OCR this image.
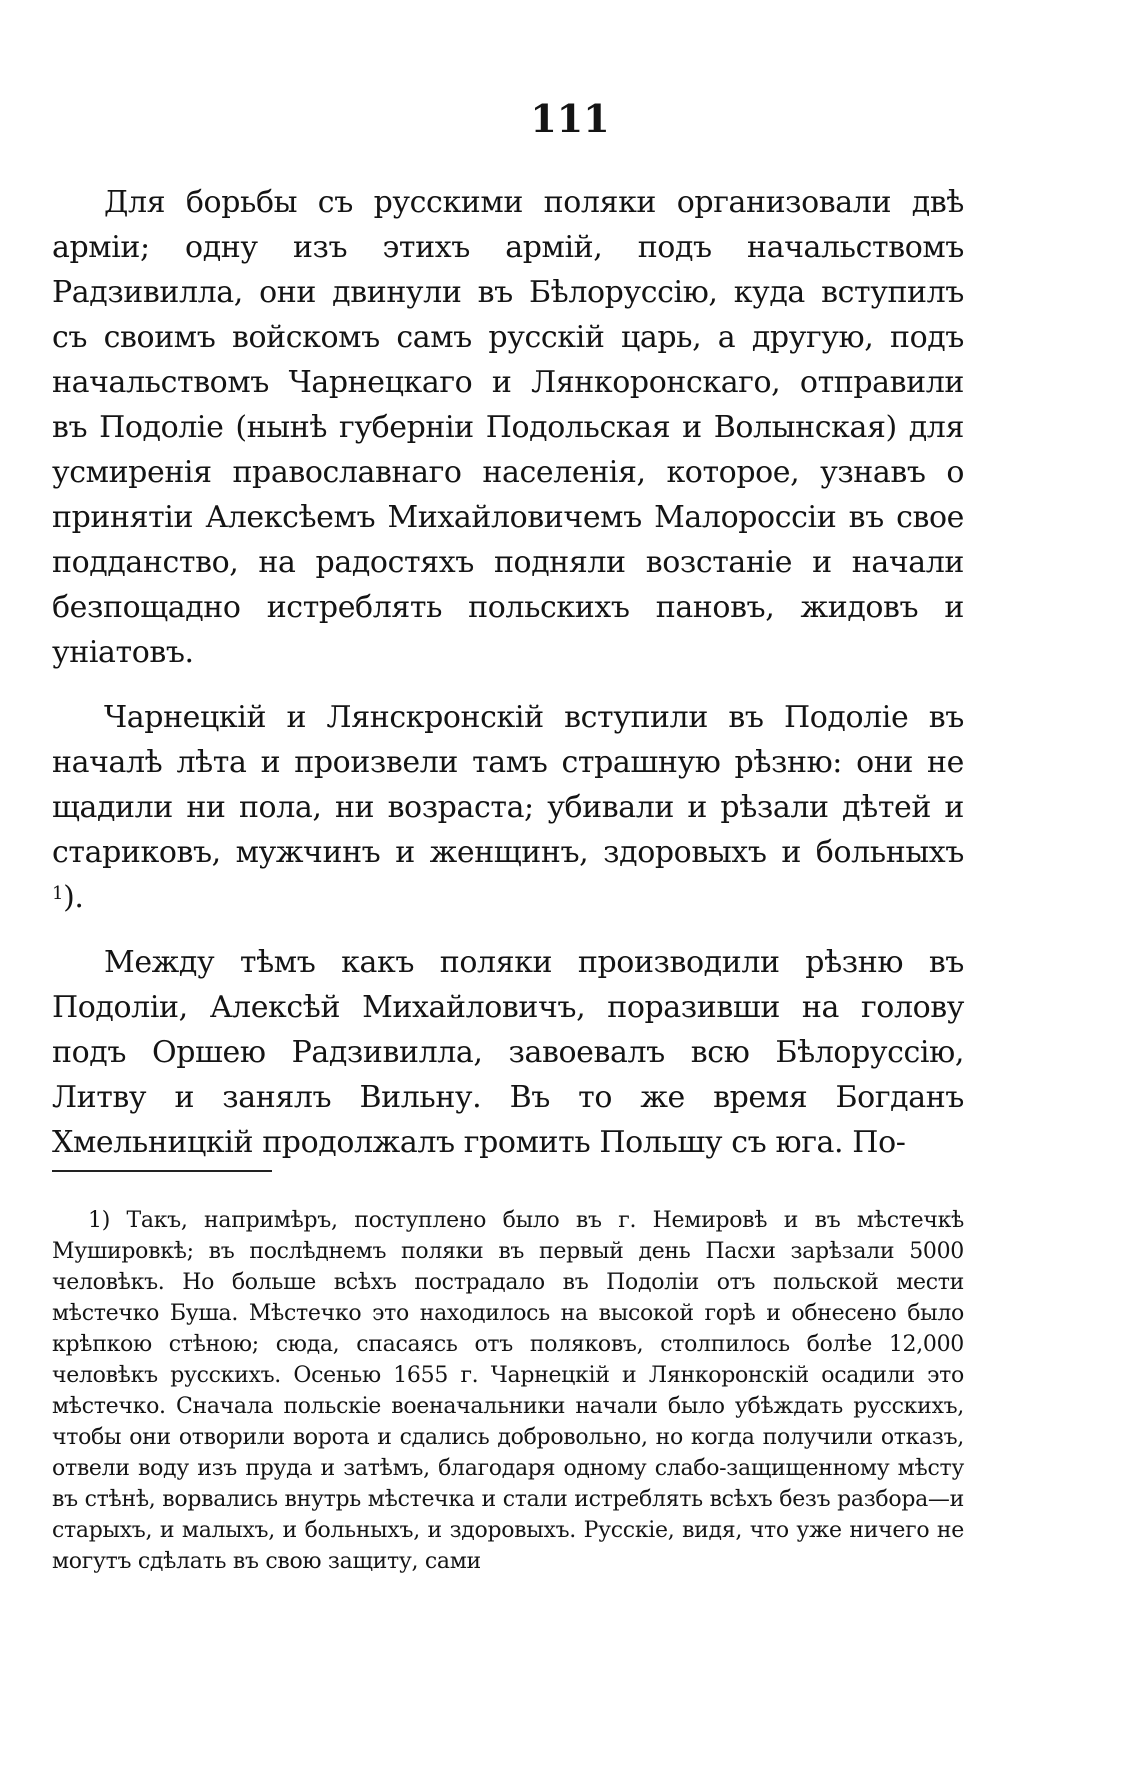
111

Для борьбы съ русскими поляки организовали двѣ арміи; одну изъ этихъ армій, подъ начальствомъ Радзивилла, они двинули въ Бѣлоруссію, куда вступилъ съ своимъ войскомъ самъ русскій царь, а другую, подъ начальствомъ Чарнецкаго и Лянкоронскаго, отправили въ Подоліе (нынѣ губерніи Подольская и Волынская) для усмиренія православнаго населенія, которое, узнавъ о принятіи Алексѣемъ Михайловичемъ Малороссіи въ свое подданство, на радостяхъ подняли возстаніе и начали безпощадно истреблять польскихъ пановъ, жидовъ и уніатовъ.

Чарнецкій и Лянскронскій вступили въ Подоліе въ началѣ лѣта и произвели тамъ страшную рѣзню: они не щадили ни пола, ни возраста; убивали и рѣзали дѣтей и стариковъ, мужчинъ и женщинъ, здоровыхъ и больныхъ $^1$).

Между тѣмъ какъ поляки производили рѣзню въ Подоліи, Алексѣй Михайловичъ, поразивши на голову подъ Оршею Радзивилла, завоевалъ всю Бѣлоруссію, Литву и занялъ Вильну. Въ то же время Богданъ Хмельницкій продолжалъ громить Польшу съ юга. По-

1) Такъ, напримѣръ, поступлено было въ г. Немировѣ и въ мѣстечкѣ Мушировкѣ; въ послѣднемъ поляки въ первый день Пасхи зарѣзали 5000 человѣкъ. Но больше всѣхъ пострадало въ Подоліи отъ польской мести мѣстечко Буша. Мѣстечко это находилось на высокой горѣ и обнесено было крѣпкою стѣною; сюда, спасаясь отъ поляковъ, столпилось болѣе 12,000 человѣкъ русскихъ. Осенью 1655 г. Чарнецкій и Лянкоронскій осадили это мѣстечко. Сначала польскіе военачальники начали было убѣждать русскихъ, чтобы они отворили ворота и сдались добровольно, но когда получили отказъ, отвели воду изъ пруда и затѣмъ, благодаря одному слабо-защищенному мѣсту въ стѣнѣ, ворвались внутрь мѣстечка и стали истреблять всѣхъ безъ разбора—и старыхъ, и малыхъ, и больныхъ, и здоровыхъ. Русскіе, видя, что уже ничего не могутъ сдѣлать въ свою защиту, сами
